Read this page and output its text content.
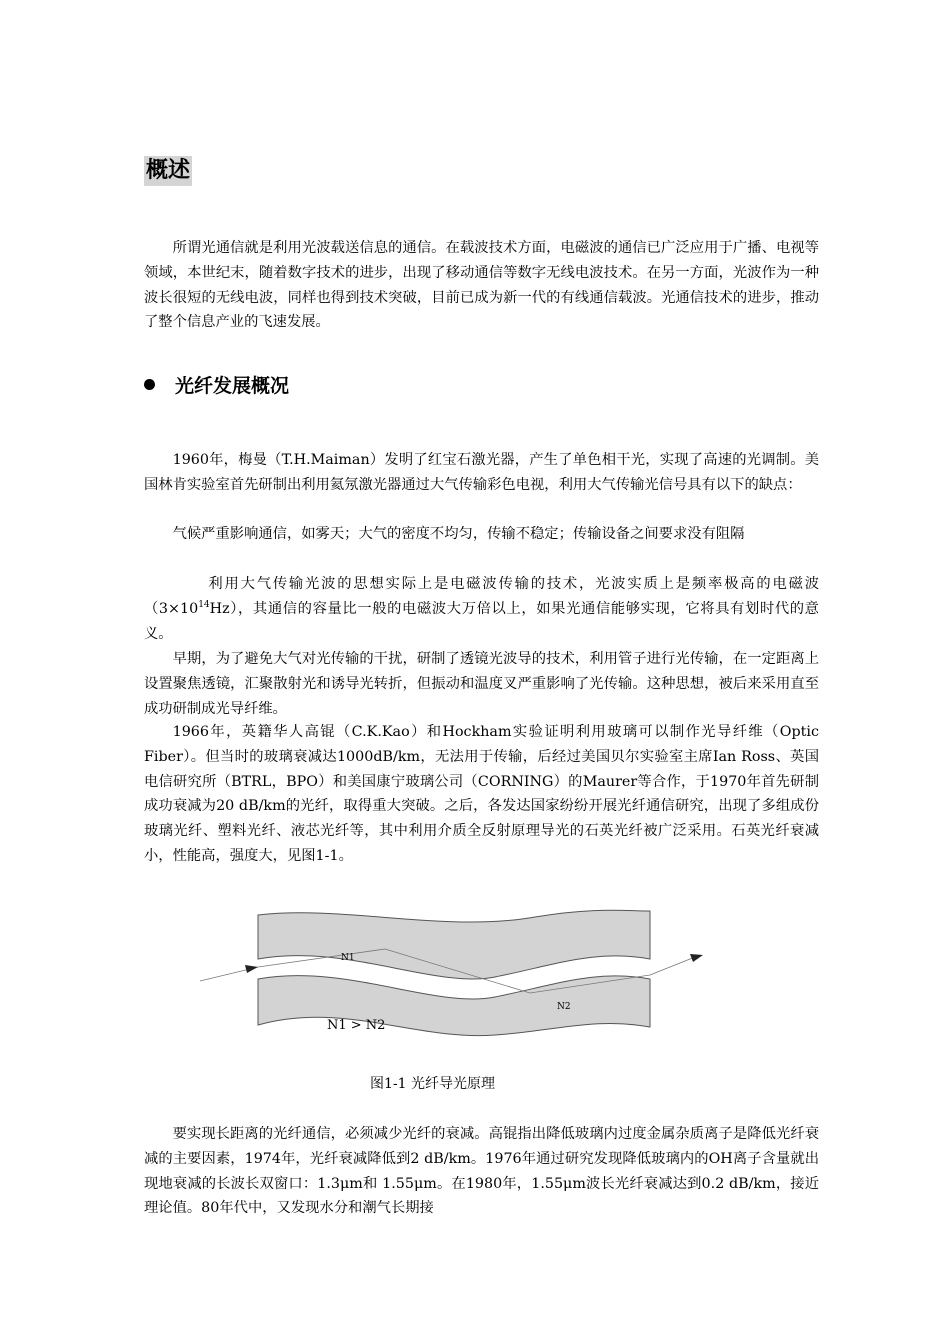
概述

所谓光通信就是利用光波载送信息的通信。在载波技术方面，电磁波的通信已广泛应用于广播、电视等领域，本世纪末，随着数字技术的进步，出现了移动通信等数字无线电波技术。在另一方面，光波作为一种波长很短的无线电波，同样也得到技术突破，目前已成为新一代的有线通信载波。光通信技术的进步，推动了整个信息产业的飞速发展。

光纤发展概况

1960年，梅曼（T.H.Maiman）发明了红宝石激光器，产生了单色相干光，实现了高速的光调制。美国林肯实验室首先研制出利用氦氖激光器通过大气传输彩色电视，利用大气传输光信号具有以下的缺点：

气候严重影响通信，如雾天；大气的密度不均匀，传输不稳定；传输设备之间要求没有阻隔

利用大气传输光波的思想实际上是电磁波传输的技术，光波实质上是频率极高的电磁波$(3\times 10^{14}Hz)$，其通信的容量比一般的电磁波大万倍以上，如果光通信能够实现，它将具有划时代的意义。

早期，为了避免大气对光传输的干扰，研制了透镜光波导的技术，利用管子进行光传输，在一定距离上设置聚焦透镜，汇聚散射光和诱导光转折，但振动和温度叉严重影响了光传输。这种思想，被后来采用直至成功研制成光导纤维。

1966年，英籍华人高锟（C.K.Kao）和Hockham实验证明利用玻璃可以制作光导纤维（Optic Fiber）。但当时的玻璃衰减达1000dB/km，无法用于传输，后经过美国贝尔实验室主席Ian Ross、英国电信研究所（BTRL，BPO）和美国康宁玻璃公司（CORNING）的Maurer等合作，于1970年首先研制成功衰减为20 dB/km的光纤，取得重大突破。之后，各发达国家纷纷开展光纤通信研究，出现了多组成份玻璃光纤、塑料光纤、液芯光纤等，其中利用介质全反射原理导光的石英光纤被广泛采用。石英光纤衰减小，性能高，强度大，见图1-1。

N1
N2
N1 > N2

图1-1 光纤导光原理

要实现长距离的光纤通信，必须减少光纤的衰减。高锟指出降低玻璃内过度金属杂质离子是降低光纤衰减的主要因素，1974年，光纤衰减降低到2 dB/km。1976年通过研究发现降低玻璃内的OH离子含量就出现地衰减的长波长双窗口：1.3μm和 1.55μm。在1980年，1.55μm波长光纤衰减达到0.2 dB/km，接近理论值。80年代中，又发现水分和潮气长期接
